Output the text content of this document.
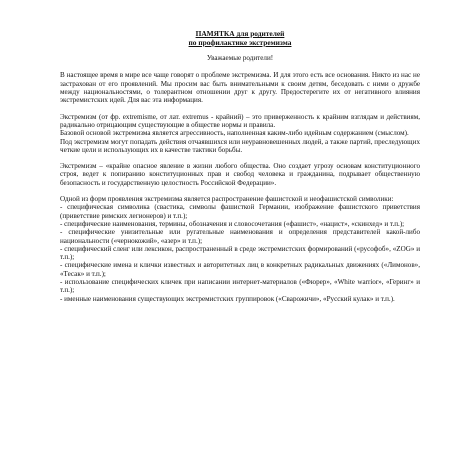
ПАМЯТКА для родителей

по профилактике экстремизма

Уважаемые родители!

В настоящее время в мире все чаще говорят о проблеме экстремизма. И для этого есть все основания. Никто из нас не застрахован от его проявлений. Мы просим вас быть внимательными к своим детям, беседовать с ними о дружбе между национальностями, о толерантном отношении друг к другу. Предостерегите их от негативного влияния экстремистских идей. Для вас эта информация.

Экстремизм (от фр. extremisme, от лат. extremus - крайний) – это приверженность к крайним взглядам и действиям, радикально отрицающим существующие в обществе нормы и правила.

Базовой основой экстремизма является агрессивность, наполненная каким-либо идейным содержанием (смыслом).

Под экстремизм могут попадать действия отчаявшихся или неуравновешенных людей, а также партий, преследующих четкие цели и использующих их в качестве тактики борьбы.

Экстремизм – «крайне опасное явление в жизни любого общества. Оно создает угрозу основам конституционного строя, ведет к попиранию конституционных прав и свобод человека и гражданина, подрывает общественную безопасность и государственную целостность Российской Федерации».

Одной из форм проявления экстремизма является распространение фашистской и неофашистской символики:

- специфическая символика (свастика, символы фашисткой Германии, изображение фашистского приветствия (приветствие римских легионеров) и т.п.);

- специфические наименования, термины, обозначения и словосочетания («фашист», «нацист», «скинхед» и т.п.);

- специфические унизительные или ругательные наименования и определения представителей какой-либо национальности («чернокожий», «азер» и т.п.);

- специфический сленг или лексикон, распространенный в среде экстремистских формирований («русофоб», «ZOG» и т.п.);

- специфические имена и клички известных и авторитетных лиц в конкретных радикальных движениях («Лимонов», «Тесак» и т.п.);

- использование специфических кличек при написании интернет-материалов («Фюрер», «White warrior», «Геринг» и т.п.);

- именные наименования существующих экстремистских группировок («Сварожичи», «Русский кулак» и т.п.).
